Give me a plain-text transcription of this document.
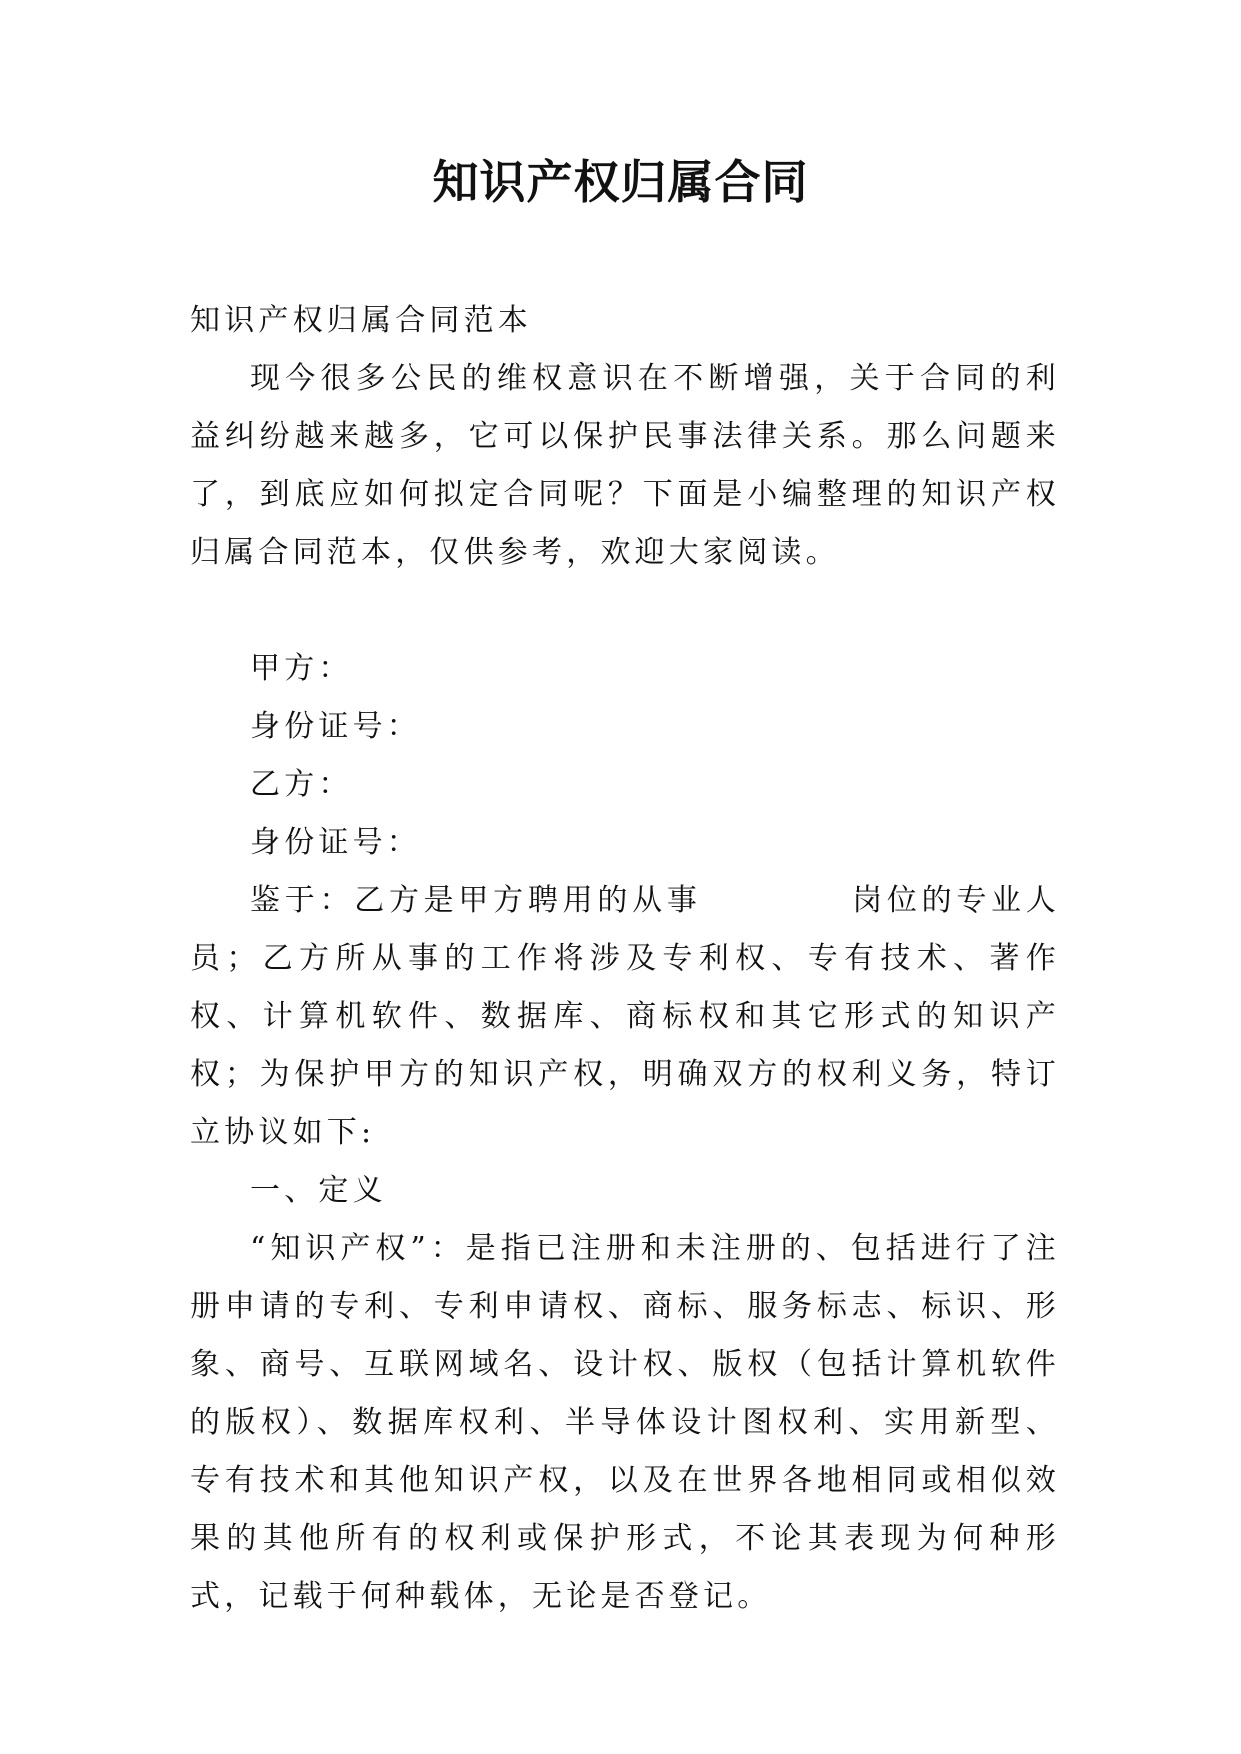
知识产权归属合同

知识产权归属合同范本

现今很多公民的维权意识在不断增强，关于合同的利益纠纷越来越多，它可以保护民事法律关系。那么问题来了，到底应如何拟定合同呢？下面是小编整理的知识产权归属合同范本，仅供参考，欢迎大家阅读。

甲方：

身份证号：

乙方：

身份证号：

鉴于：乙方是甲方聘用的从事	岗位的专业人员；乙方所从事的工作将涉及专利权、专有技术、著作权、计算机软件、数据库、商标权和其它形式的知识产权；为保护甲方的知识产权，明确双方的权利义务，特订立协议如下:

一、定义

“知识产权”：是指已注册和未注册的、包括进行了注册申请的专利、专利申请权、商标、服务标志、标识、形象、商号、互联网域名、设计权、版权（包括计算机软件的版权）、数据库权利、半导体设计图权利、实用新型、专有技术和其他知识产权，以及在世界各地相同或相似效果的其他所有的权利或保护形式，不论其表现为何种形式，记载于何种载体，无论是否登记。
